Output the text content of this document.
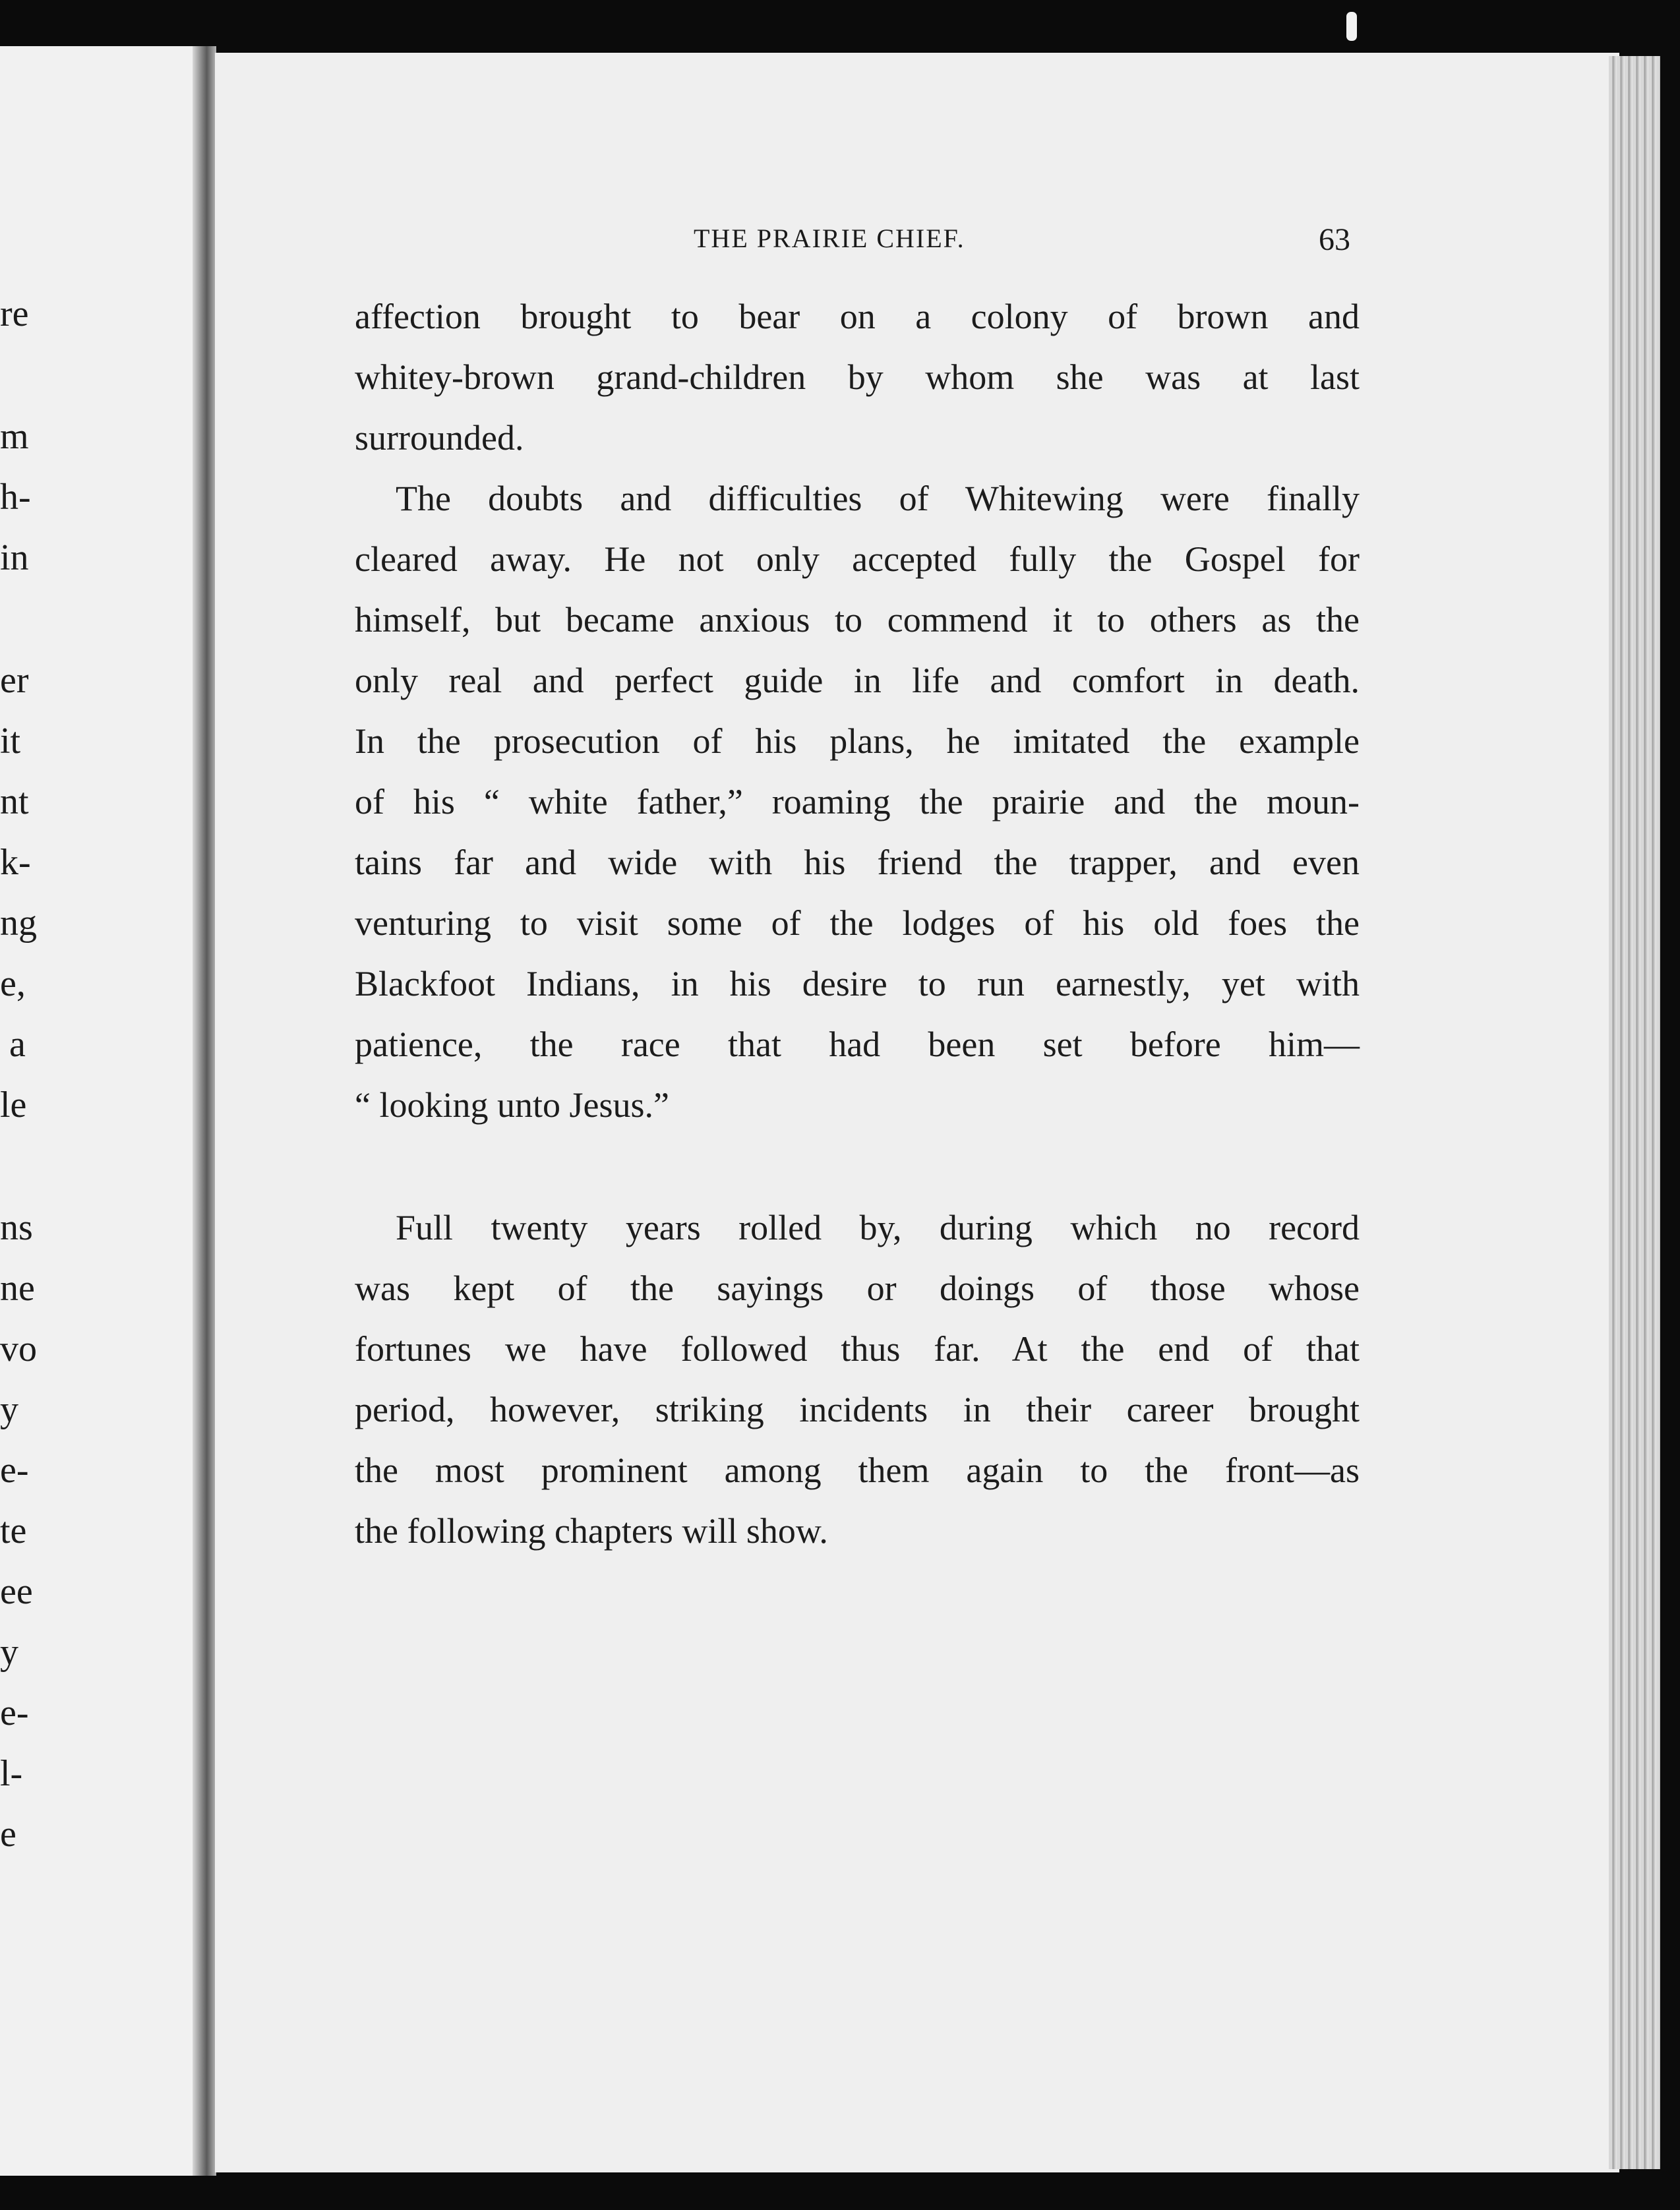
re
m
h-
in
er
it
nt
k-
ng
e,
a
le
ns
ne
vo
y
e-
te
ee
y
e-
l-
e
THE PRAIRIE CHIEF.	63
affection brought to bear on a colony of brown and
whitey-brown grand-children by whom she was at last
surrounded.
The doubts and difficulties of Whitewing were finally
cleared away. He not only accepted fully the Gospel for
himself, but became anxious to commend it to others as the
only real and perfect guide in life and comfort in death.
In the prosecution of his plans, he imitated the example
of his “ white father,” roaming the prairie and the moun-
tains far and wide with his friend the trapper, and even
venturing to visit some of the lodges of his old foes the
Blackfoot Indians, in his desire to run earnestly, yet with
patience, the race that had been set before him—
“ looking unto Jesus.”
Full twenty years rolled by, during which no record
was kept of the sayings or doings of those whose
fortunes we have followed thus far. At the end of that
period, however, striking incidents in their career brought
the most prominent among them again to the front—as
the following chapters will show.
